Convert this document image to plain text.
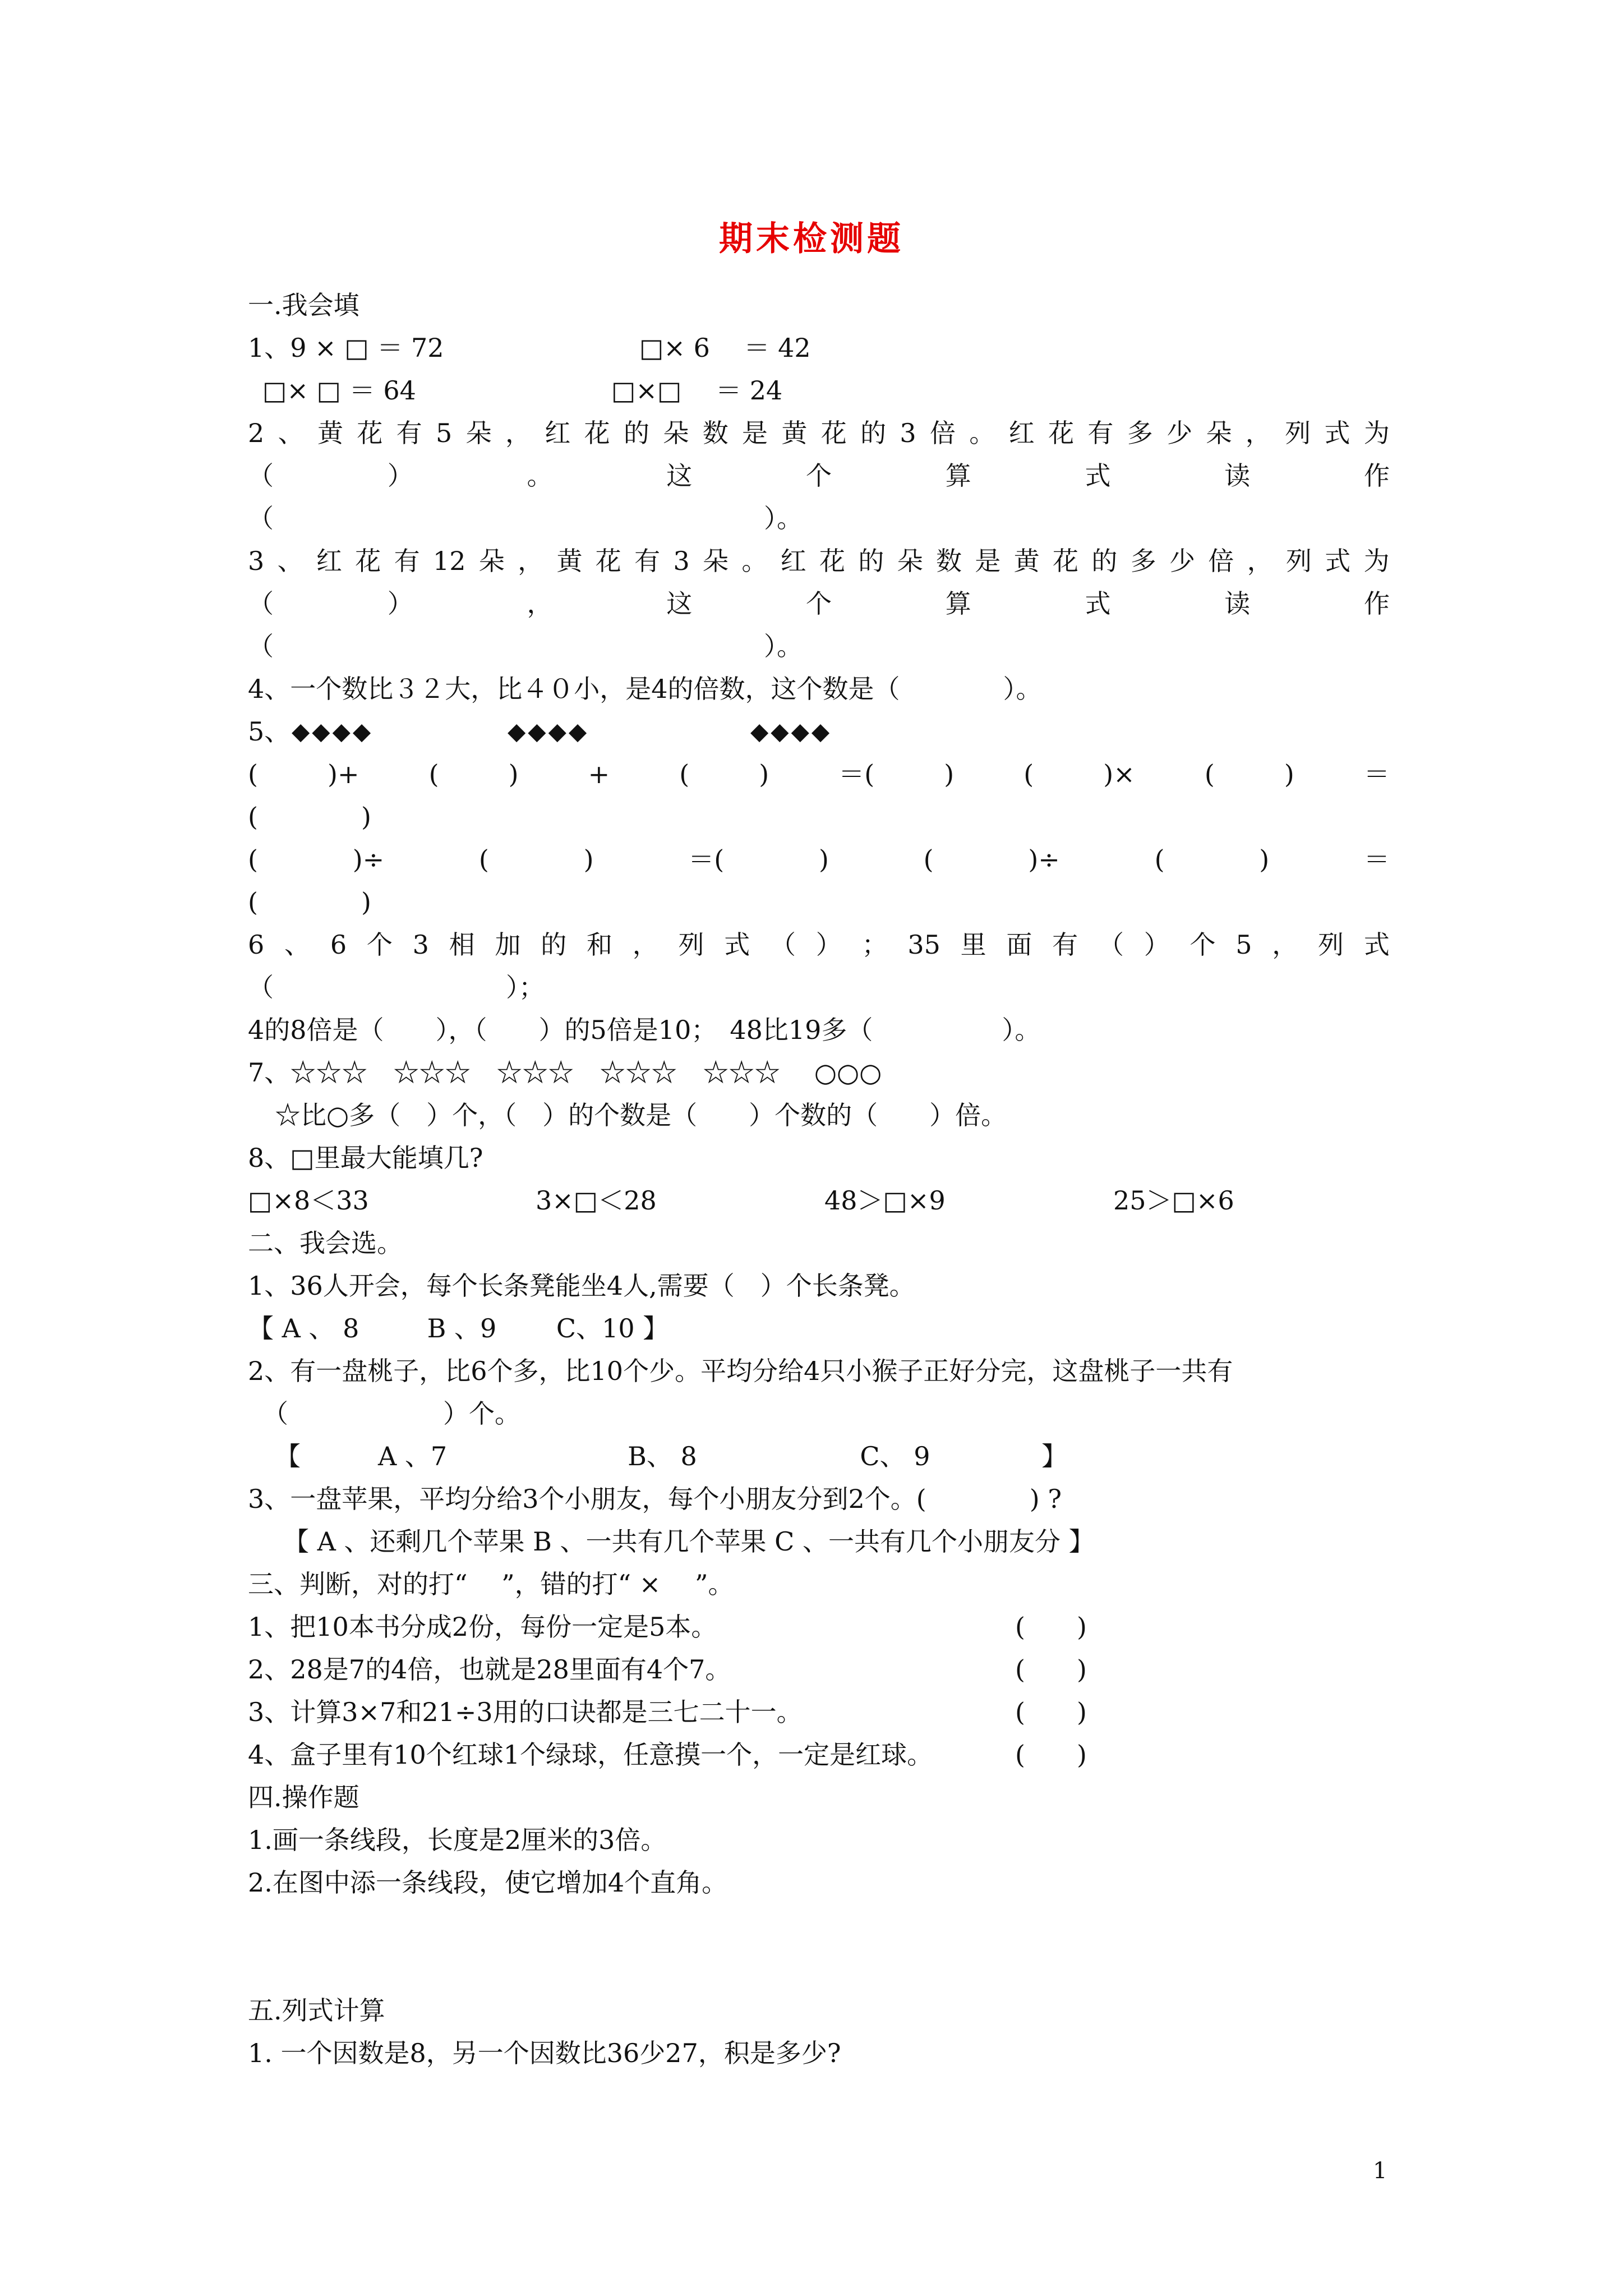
期末检测题
一.我会填
1、9 × □ ＝ 72	□× 6 　＝ 42
□× □ ＝ 64	□×□ 　＝ 24
2 、 黄 花 有 5 朵 ， 红 花 的 朵 数 是 黄 花 的 3 倍 。 红 花 有 多 少 朵 ， 列 式 为
（	）	。	这	个	算	式	读	作
（　　　　　　　　　　　　　　　　　　　）。
3 、 红 花 有 12 朵 ， 黄 花 有 3 朵 。 红 花 的 朵 数 是 黄 花 的 多 少 倍 ， 列 式 为
（	）	，	这	个	算	式	读	作
（　　　　　　　　　　　　　　　　　　　）。
4、一个数比３２大，比４０小，是4的倍数，这个数是（　　　　）。
5、 ◆◆◆◆	◆◆◆◆	◆◆◆◆
(	)+	(	)	+	(	)	＝(	)	(	)×	(	)	＝
(　　　　)
(	)÷	(	)	＝(	)	(	)÷	(	)	＝
(　　　　)
6 、 6 个 3 相 加 的 和 ， 列 式 （ ） ； 35 里 面 有 （ ） 个 5 ， 列 式
（　　　　　　　　　）；
4的8倍是（　　），（　　）的5倍是10；　48比19多（　　　　　）。
7、☆☆☆　☆☆☆　☆☆☆　☆☆☆　☆☆☆　 ○○○
☆比○多（　）个，（　）的个数是（　　）个数的（　　）倍。
8、□里最大能填几?
□×8＜33	3×□＜28	48＞□×9	25＞□×6
二、我会选。
1、36人开会，每个长条凳能坐4人,需要（　）个长条凳。
【 A 、 8　 　 B 、9　　 C、10 】
2、有一盘桃子，比6个多，比10个少。平均分给4只小猴子正好分完，这盘桃子一共有
（　　　　　　）个。
【　　　A 、7　　　　　　　B、 8　　　　　　 C、 9　　　　 】
3、一盘苹果，平均分给3个小朋友，每个小朋友分到2个。(　　　　) ?
【 A 、还剩几个苹果 B 、一共有几个苹果 C 、一共有几个小朋友分 】
三、判断，对的打“　 ”，错的打“ ×　 ”。
1、把10本书分成2份，每份一定是5本。	(　　)
2、28是7的4倍，也就是28里面有4个7。	(　　)
3、计算3×7和21÷3用的口诀都是三七二十一。	(　　)
4、盒子里有10个红球1个绿球，任意摸一个，一定是红球。	(　　)
四.操作题
1.画一条线段，长度是2厘米的3倍。
2.在图中添一条线段，使它增加4个直角。
五.列式计算
1. 一个因数是8，另一个因数比36少27，积是多少?
1
